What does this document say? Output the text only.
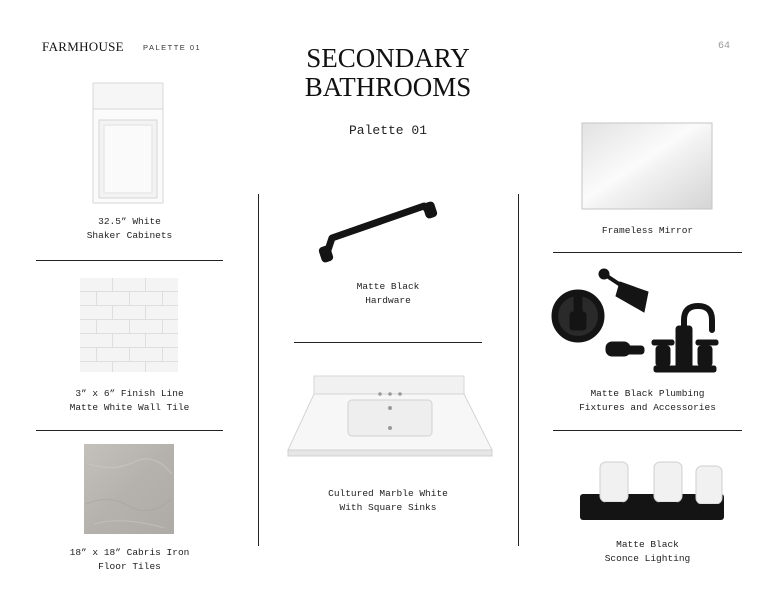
FARMHOUSE	PALETTE 01	64
SECONDARY
BATHROOMS
Palette 01
32.5” White
Shaker Cabinets
3” x 6” Finish Line
Matte White Wall Tile
18” x 18” Cabris Iron
Floor Tiles
Matte Black
Hardware
Cultured Marble White
With Square Sinks
Frameless Mirror
Matte Black Plumbing
Fixtures and Accessories
Matte Black
Sconce Lighting
